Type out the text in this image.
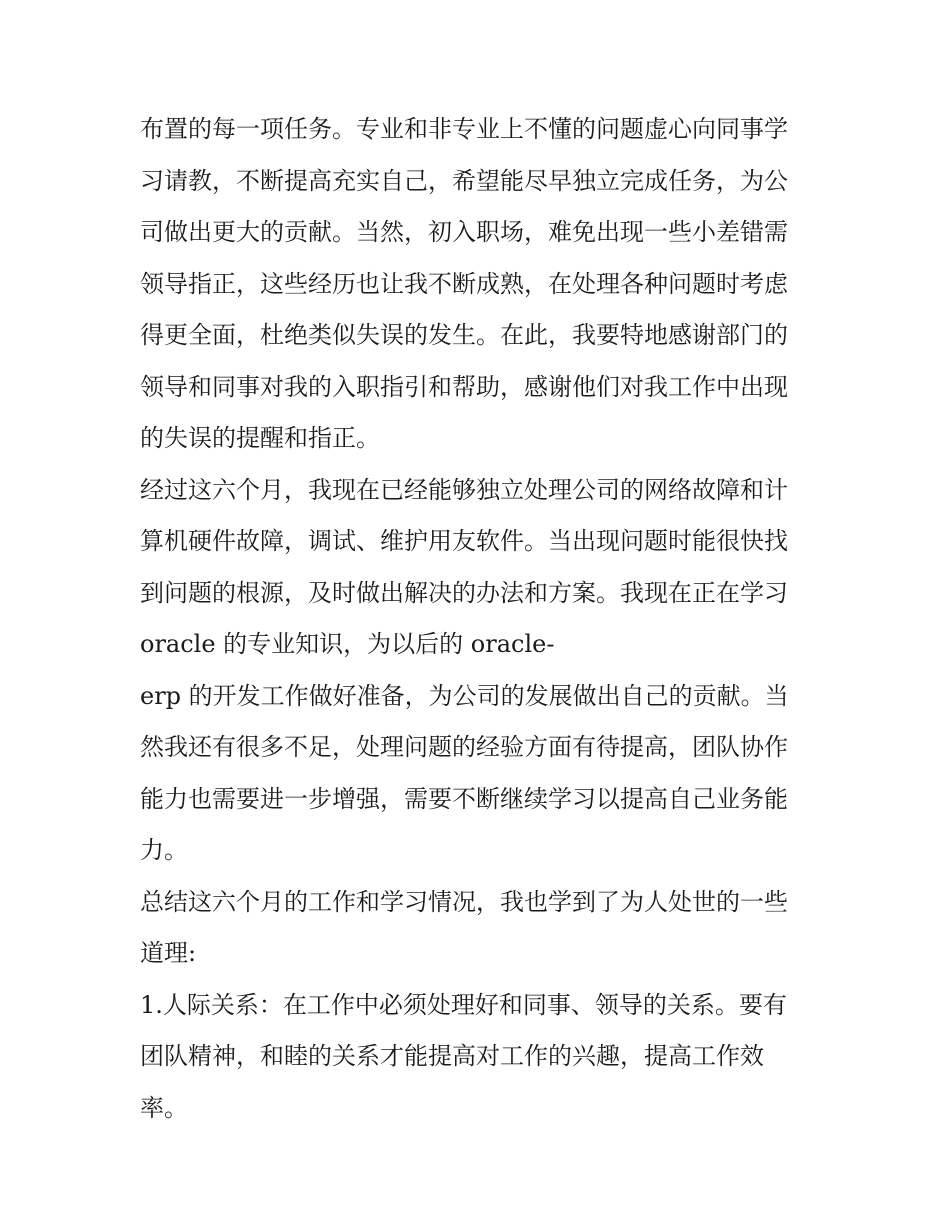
布置的每一项任务。专业和非专业上不懂的问题虚心向同事学
习请教，不断提高充实自己，希望能尽早独立完成任务，为公
司做出更大的贡献。当然，初入职场，难免出现一些小差错需
领导指正，这些经历也让我不断成熟，在处理各种问题时考虑
得更全面，杜绝类似失误的发生。在此，我要特地感谢部门的
领导和同事对我的入职指引和帮助，感谢他们对我工作中出现
的失误的提醒和指正。
经过这六个月，我现在已经能够独立处理公司的网络故障和计
算机硬件故障，调试、维护用友软件。当出现问题时能很快找
到问题的根源，及时做出解决的办法和方案。我现在正在学习
oracle 的专业知识，为以后的 oracle-
erp 的开发工作做好准备，为公司的发展做出自己的贡献。当
然我还有很多不足，处理问题的经验方面有待提高，团队协作
能力也需要进一步增强，需要不断继续学习以提高自己业务能
力。
总结这六个月的工作和学习情况，我也学到了为人处世的一些
道理:
1.人际关系：在工作中必须处理好和同事、领导的关系。要有
团队精神，和睦的关系才能提高对工作的兴趣，提高工作效
率。
